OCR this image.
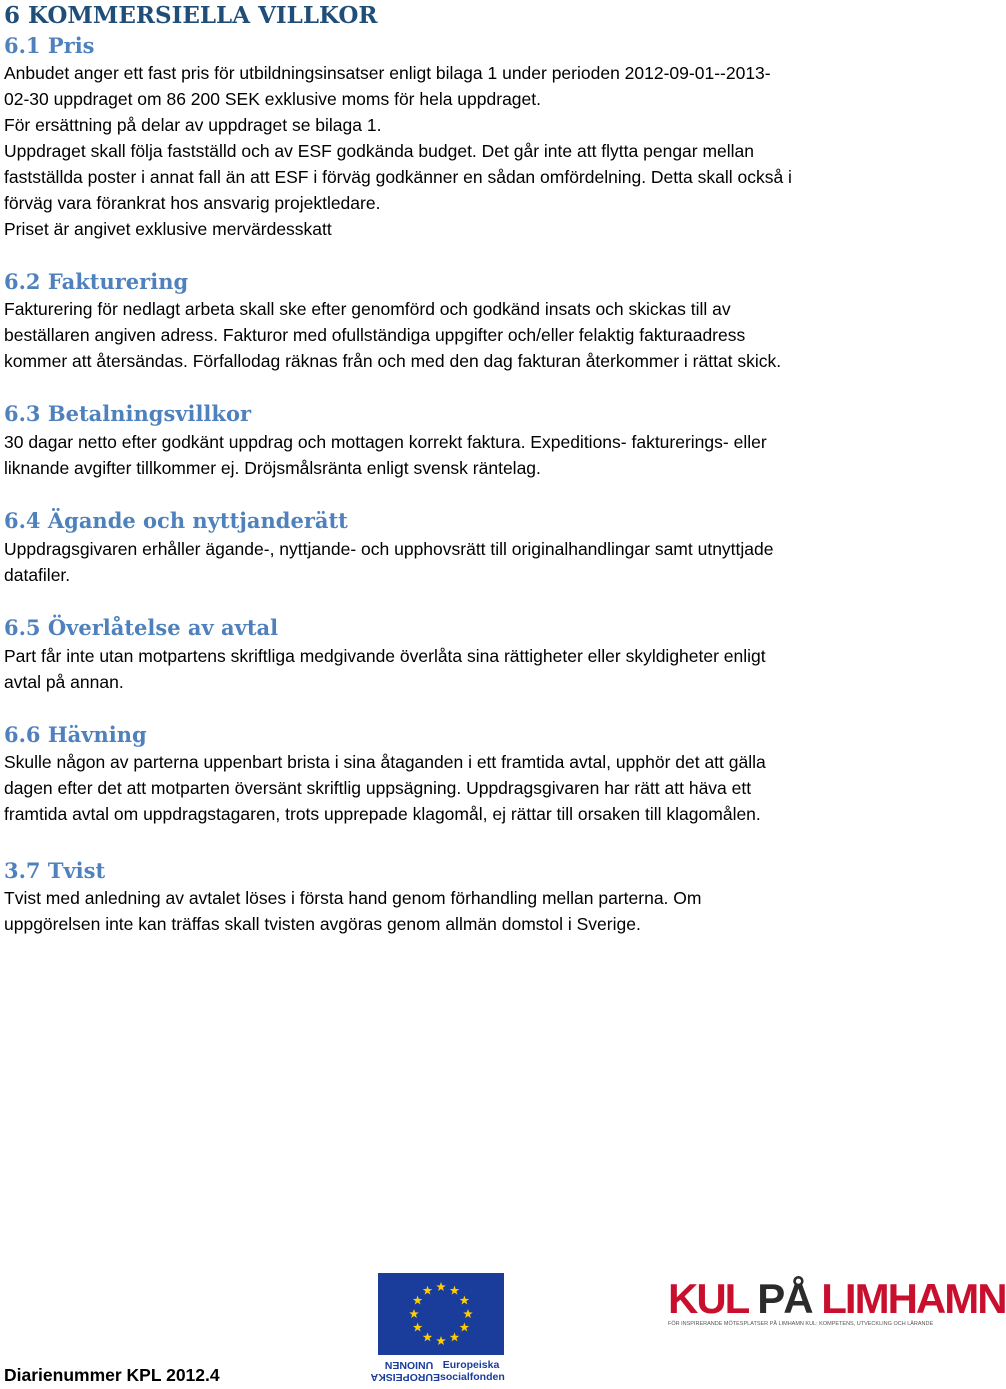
6 KOMMERSIELLA VILLKOR
6.1 Pris

Anbudet anger ett fast pris för utbildningsinsatser enligt bilaga 1 under perioden 2012-09-01--2013-

02-30 uppdraget om 86 200 SEK exklusive moms för hela uppdraget.

För ersättning på delar av uppdraget se bilaga 1.

Uppdraget skall följa fastställd och av ESF godkända budget. Det går inte att flytta pengar mellan

fastställda poster i annat fall än att ESF i förväg godkänner en sådan omfördelning. Detta skall också i

förväg vara förankrat hos ansvarig projektledare.

Priset är angivet exklusive mervärdesskatt

6.2 Fakturering

Fakturering för nedlagt arbeta skall ske efter genomförd och godkänd insats och skickas till av

beställaren angiven adress. Fakturor med ofullständiga uppgifter och/eller felaktig fakturaadress

kommer att återsändas. Förfallodag räknas från och med den dag fakturan återkommer i rättat skick.

6.3 Betalningsvillkor

30 dagar netto efter godkänt uppdrag och mottagen korrekt faktura. Expeditions- fakturerings- eller

liknande avgifter tillkommer ej. Dröjsmålsränta enligt svensk räntelag.

6.4 Ägande och nyttjanderätt

Uppdragsgivaren erhåller ägande-, nyttjande- och upphovsrätt till originalhandlingar samt utnyttjade

datafiler.

6.5 Överlåtelse av avtal

Part får inte utan motpartens skriftliga medgivande överlåta sina rättigheter eller skyldigheter enligt

avtal på annan.

6.6 Hävning

Skulle någon av parterna uppenbart brista i sina åtaganden i ett framtida avtal, upphör det att gälla

dagen efter det att motparten översänt skriftlig uppsägning. Uppdragsgivaren har rätt att häva ett

framtida avtal om uppdragstagaren, trots upprepade klagomål, ej rättar till orsaken till klagomålen.

3.7 Tvist

Tvist med anledning av avtalet löses i första hand genom förhandling mellan parterna. Om

uppgörelsen inte kan träffas skall tvisten avgöras genom allmän domstol i Sverige.

Diarienummer KPL 2012.4	EUROPEISKA UNIONEN Europeiska socialfonden
KUL PÅ LIMHAMN
FÖR INSPIRERANDE MÖTESPLATSER PÅ LIMHAMN KUL: KOMPETENS, UTVECKLING OCH LÄRANDE
